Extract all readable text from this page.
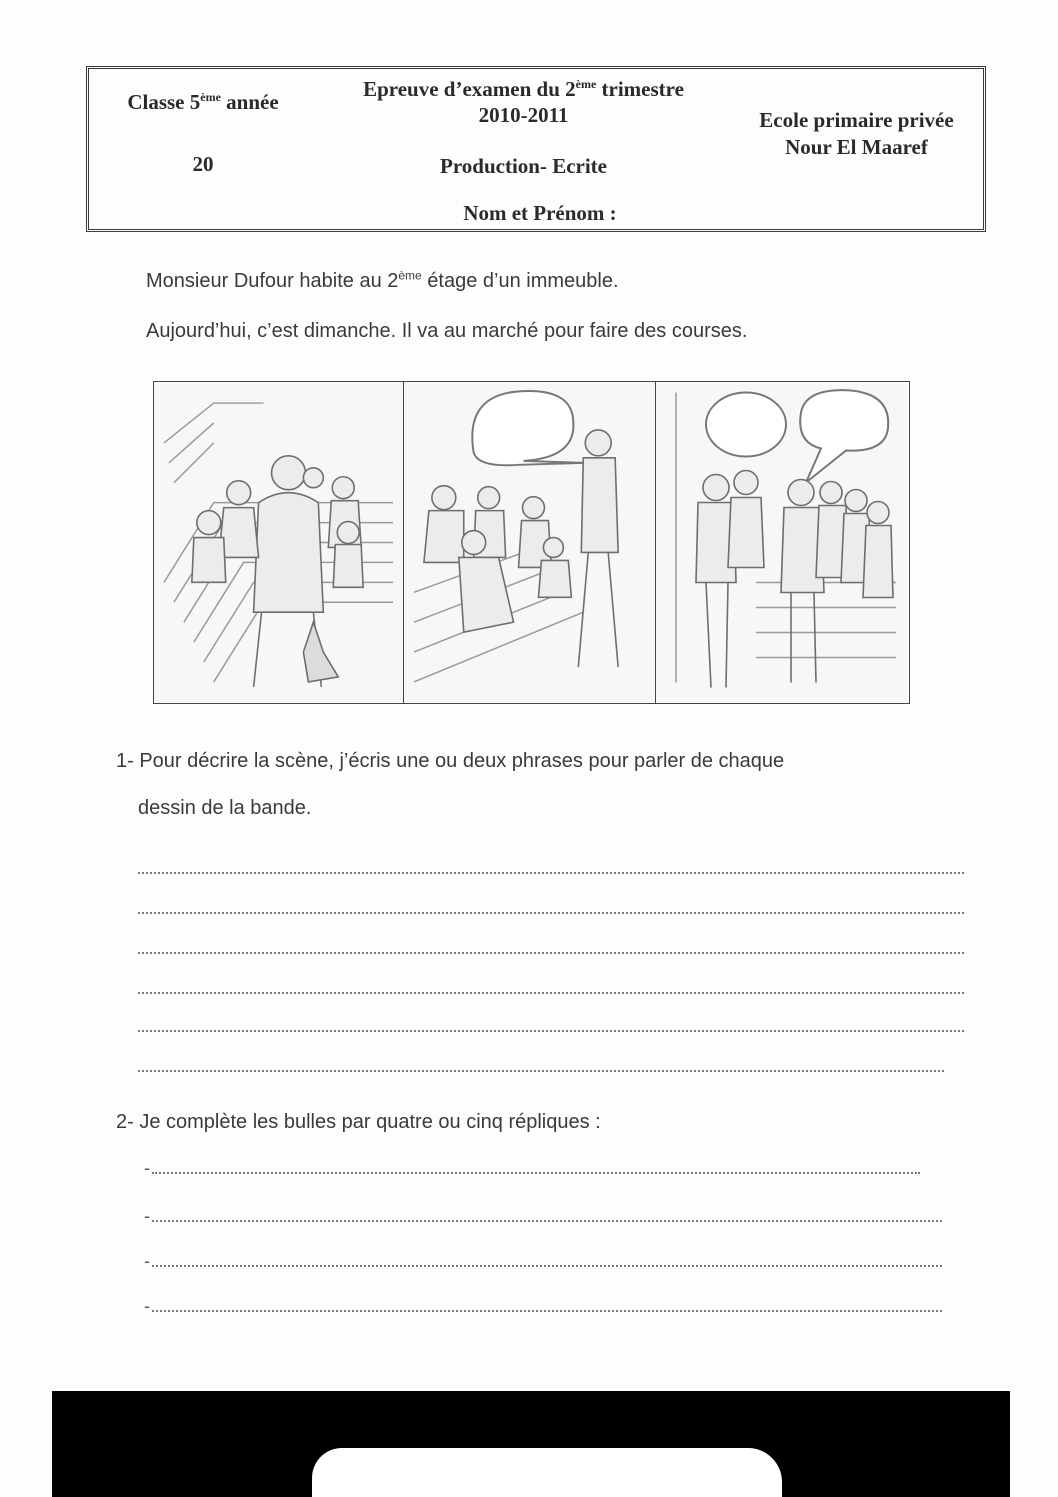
Classe 5ème année
Epreuve d’examen du 2ème trimestre
2010-2011	Ecole primaire privée
Nour El Maaref
20	Production- Ecrite
Nom et Prénom :
Monsieur Dufour habite au 2ème étage d’un immeuble.
Aujourd’hui, c’est dimanche. Il va au marché pour faire des courses.
1- Pour décrire la scène, j’écris une ou deux phrases pour parler de chaque
dessin de la bande.
2- Je complète les bulles par quatre ou cinq répliques :
-
-
-
-
